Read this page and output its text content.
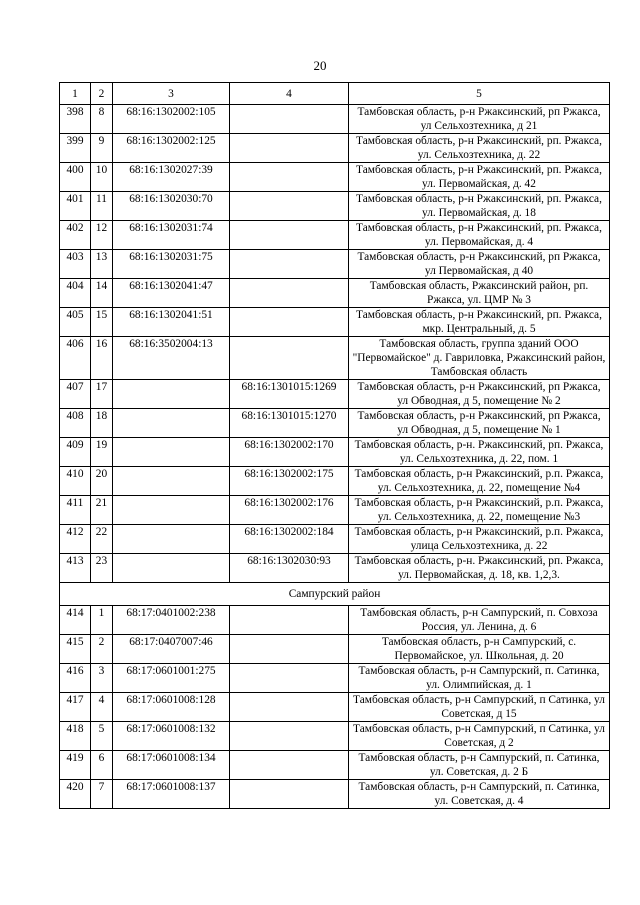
20
1	2	3	4	5
398	8	68:16:1302002:105		Тамбовская область, р-н Ржаксинский, рп Ржакса, ул Сельхозтехника, д 21
399	9	68:16:1302002:125		Тамбовская область, р-н Ржаксинский, рп. Ржакса, ул. Сельхозтехника, д. 22
400	10	68:16:1302027:39		Тамбовская область, р-н Ржаксинский, рп. Ржакса, ул. Первомайская, д. 42
401	11	68:16:1302030:70		Тамбовская область, р-н Ржаксинский, рп. Ржакса, ул. Первомайская, д. 18
402	12	68:16:1302031:74		Тамбовская область, р-н Ржаксинский, рп. Ржакса, ул. Первомайская, д. 4
403	13	68:16:1302031:75		Тамбовская область, р-н Ржаксинский, рп Ржакса, ул Первомайская, д 40
404	14	68:16:1302041:47		Тамбовская область, Ржаксинский район, рп. Ржакса, ул. ЦМР № 3
405	15	68:16:1302041:51		Тамбовская область, р-н Ржаксинский, рп. Ржакса, мкр. Центральный, д. 5
406	16	68:16:3502004:13		Тамбовская область, группа зданий ООО "Первомайское" д. Гавриловка, Ржаксинский район, Тамбовская область
407	17		68:16:1301015:1269	Тамбовская область, р-н Ржаксинский, рп Ржакса, ул Обводная, д 5, помещение № 2
408	18		68:16:1301015:1270	Тамбовская область, р-н Ржаксинский, рп Ржакса, ул Обводная, д 5, помещение № 1
409	19		68:16:1302002:170	Тамбовская область, р-н. Ржаксинский, рп. Ржакса, ул. Сельхозтехника, д. 22, пом. 1
410	20		68:16:1302002:175	Тамбовская область, р-н Ржаксинский, р.п. Ржакса, ул. Сельхозтехника, д. 22, помещение №4
411	21		68:16:1302002:176	Тамбовская область, р-н Ржаксинский, р.п. Ржакса, ул. Сельхозтехника, д. 22, помещение №3
412	22		68:16:1302002:184	Тамбовская область, р-н Ржаксинский, р.п. Ржакса, улица Сельхозтехника, д. 22
413	23		68:16:1302030:93	Тамбовская область, р-н. Ржаксинский, рп. Ржакса, ул. Первомайская, д. 18, кв. 1,2,3.
Сампурский район				
414	1	68:17:0401002:238		Тамбовская область, р-н Сампурский, п. Совхоза Россия, ул. Ленина, д. 6
415	2	68:17:0407007:46		Тамбовская область, р-н Сампурский, с. Первомайское, ул. Школьная, д. 20
416	3	68:17:0601001:275		Тамбовская область, р-н Сампурский, п. Сатинка, ул. Олимпийская, д. 1
417	4	68:17:0601008:128		Тамбовская область, р-н Сампурский, п Сатинка, ул Советская, д 15
418	5	68:17:0601008:132		Тамбовская область, р-н Сампурский, п Сатинка, ул Советская, д 2
419	6	68:17:0601008:134		Тамбовская область, р-н Сампурский, п. Сатинка, ул. Советская, д. 2 Б
420	7	68:17:0601008:137		Тамбовская область, р-н Сампурский, п. Сатинка, ул. Советская, д. 4
